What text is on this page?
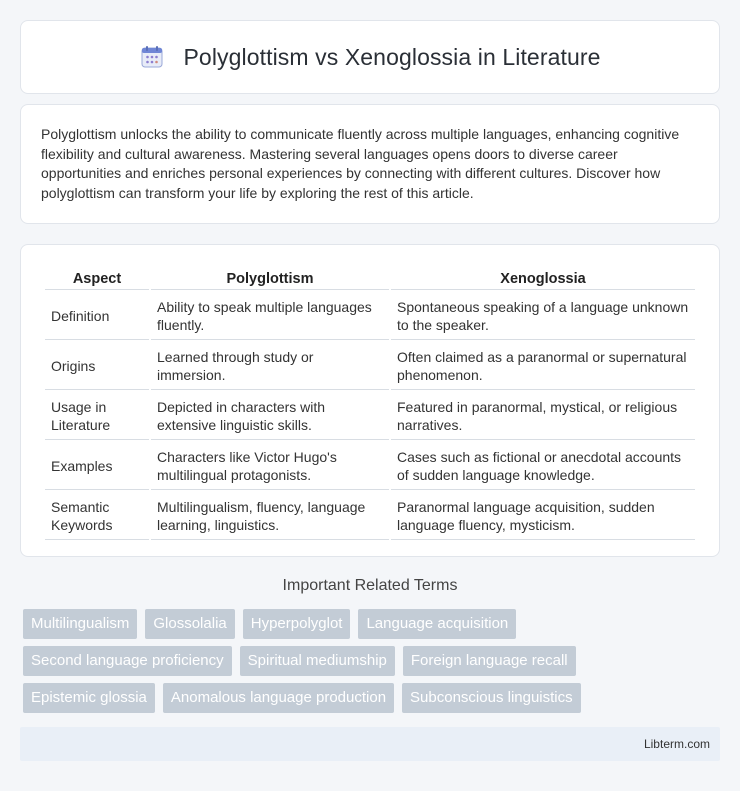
Polyglottism vs Xenoglossia in Literature

Polyglottism unlocks the ability to communicate fluently across multiple languages, enhancing cognitive flexibility and cultural awareness. Mastering several languages opens doors to diverse career opportunities and enriches personal experiences by connecting with different cultures. Discover how polyglottism can transform your life by exploring the rest of this article.

Aspect	Polyglottism	Xenoglossia
Definition	Ability to speak multiple languages fluently.	Spontaneous speaking of a language unknown to the speaker.
Origins	Learned through study or immersion.	Often claimed as a paranormal or supernatural phenomenon.
Usage in Literature	Depicted in characters with extensive linguistic skills.	Featured in paranormal, mystical, or religious narratives.
Examples	Characters like Victor Hugo's multilingual protagonists.	Cases such as fictional or anecdotal accounts of sudden language knowledge.
Semantic Keywords	Multilingualism, fluency, language learning, linguistics.	Paranormal language acquisition, sudden language fluency, mysticism.
Important Related Terms
Multilingualism	Glossolalia	Hyperpolyglot	Language acquisition
Second language proficiency	Spiritual mediumship	Foreign language recall
Epistemic glossia	Anomalous language production	Subconscious linguistics
Libterm.com
